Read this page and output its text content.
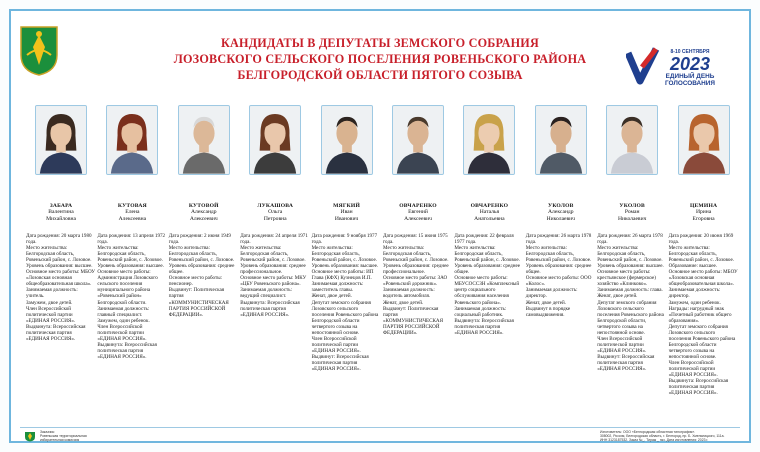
КАНДИДАТЫ В ДЕПУТАТЫ ЗЕМСКОГО СОБРАНИЯ
ЛОЗОВСКОГО СЕЛЬСКОГО ПОСЕЛЕНИЯ РОВЕНЬСКОГО РАЙОНА
БЕЛГОРОДСКОЙ ОБЛАСТИ ПЯТОГО СОЗЫВА
8-10 СЕНТЯБРЯ
2023
ЕДИНЫЙ ДЕНЬ
ГОЛОСОВАНИЯ
Заказчик:
Ровеньская территориальная
избирательная комиссия
Изготовитель: ООО «Белгородская областная типография».
308002, Россия, Белгородская область, г. Белгород, пр. Б. Хмельницкого, 111а.
ИНН 3123187532. Заказ №_. Тираж _ экз. Дата изготовления: 2023 г.
ЗАБАРА
Валентина
Михайловна
Дата рождения: 20 марта 1980 года.
Место жительства: Белгородская область, Ровеньский район, с. Лозовое.
Уровень образования: высшее.
Основное место работы: МБОУ «Лозовская основная общеобразовательная школа».
Занимаемая должность: учитель.
Замужем, двое детей.
Член Всероссийской политической партии «ЕДИНАЯ РОССИЯ».
Выдвинута: Всероссийская политическая партия «ЕДИНАЯ РОССИЯ».
КУТОВАЯ
Елена
Алексеевна
Дата рождения: 13 апреля 1972 года.
Место жительства: Белгородская область, Ровеньский район, с. Лозовое.
Уровень образования: высшее.
Основное место работы: Администрация Лозовского сельского поселения муниципального района «Ровеньский район» Белгородской области.
Занимаемая должность: главный специалист.
Замужем, один ребенок.
Член Всероссийской политической партии «ЕДИНАЯ РОССИЯ».
Выдвинута: Всероссийская политическая партия «ЕДИНАЯ РОССИЯ».
КУТОВОЙ
Александр
Алексеевич
Дата рождения: 2 июня 1949 года.
Место жительства: Белгородская область, Ровеньский район, с. Лозовое.
Уровень образования: среднее общее.
Основное место работы: пенсионер.
Выдвинут: Политическая партия «КОММУНИСТИЧЕСКАЯ ПАРТИЯ РОССИЙСКОЙ ФЕДЕРАЦИИ».
ЛУКАШОВА
Ольга
Петровна
Дата рождения: 24 апреля 1971 года.
Место жительства: Белгородская область, Ровеньский район, с. Лозовое.
Уровень образования: среднее профессиональное.
Основное место работы: МКУ «ЦБУ Ровеньского района».
Занимаемая должность: ведущий специалист.
Выдвинута: Всероссийская политическая партия «ЕДИНАЯ РОССИЯ».
МЯГКИЙ
Иван
Иванович
Дата рождения: 9 ноября 1977 года.
Место жительства: Белгородская область, Ровеньский район, с. Лозовое.
Уровень образования: высшее.
Основное место работы: ИП Глава (КФХ) Кузнецов И.П.
Занимаемая должность: заместитель главы.
Женат, двое детей.
Депутат земского собрания Лозовского сельского поселения Ровеньского района Белгородской области четвертого созыва на непостоянной основе.
Член Всероссийской политической партии «ЕДИНАЯ РОССИЯ».
Выдвинут: Всероссийская политическая партия «ЕДИНАЯ РОССИЯ».
ОВЧАРЕНКО
Евгений
Алексеевич
Дата рождения: 15 июня 1975 года.
Место жительства: Белгородская область, Ровеньский район, с. Лозовое.
Уровень образования: среднее профессиональное.
Основное место работы: ЗАО «Ровеньский дорожник».
Занимаемая должность: водитель автомобиля.
Женат, двое детей.
Выдвинут: Политическая партия «КОММУНИСТИЧЕСКАЯ ПАРТИЯ РОССИЙСКОЙ ФЕДЕРАЦИИ».
ОВЧАРЕНКО
Наталья
Анатольевна
Дата рождения: 22 февраля 1977 года.
Место жительства: Белгородская область, Ровеньский район, с. Лозовое.
Уровень образования: среднее общее.
Основное место работы: МБУСОССЗН «Комплексный центр социального обслуживания населения Ровеньского района».
Занимаемая должность: социальный работник.
Выдвинута: Всероссийская политическая партия «ЕДИНАЯ РОССИЯ».
УКОЛОВ
Александр
Николаевич
Дата рождения: 26 марта 1978 года.
Место жительства: Белгородская область, Ровеньский район, с. Лозовое.
Уровень образования: среднее общее.
Основное место работы: ООО «Колос».
Занимаемая должность: директор.
Женат, двое детей.
Выдвинут в порядке самовыдвижения.
УКОЛОВ
Роман
Николаевич
Дата рождения: 26 марта 1978 года.
Место жительства: Белгородская область, Ровеньский район, с. Лозовое.
Уровень образования: высшее.
Основное место работы: крестьянское (фермерское) хозяйство «Клинково».
Занимаемая должность: глава.
Женат, двое детей.
Депутат земского собрания Лозовского сельского поселения Ровеньского района Белгородской области, четвертого созыва на непостоянной основе.
Член Всероссийской политической партии «ЕДИНАЯ РОССИЯ».
Выдвинут: Всероссийская политическая партия «ЕДИНАЯ РОССИЯ».
ЦЕМИНА
Ирина
Егоровна
Дата рождения: 20 июня 1969 года.
Место жительства: Белгородская область, Ровеньский район, с. Лозовое.
Образование: высшее.
Основное место работы: МБОУ «Лозовская основная общеобразовательная школа».
Занимаемая должность: директор.
Замужем, один ребенок.
Награды: нагрудный знак «Почетный работник общего образования».
Депутат земского собрания Лозовского сельского поселения Ровеньского района Белгородской области четвертого созыва на непостоянной основе.
Член Всероссийской политической партии «ЕДИНАЯ РОССИЯ».
Выдвинута: Всероссийская политическая партия «ЕДИНАЯ РОССИЯ».
